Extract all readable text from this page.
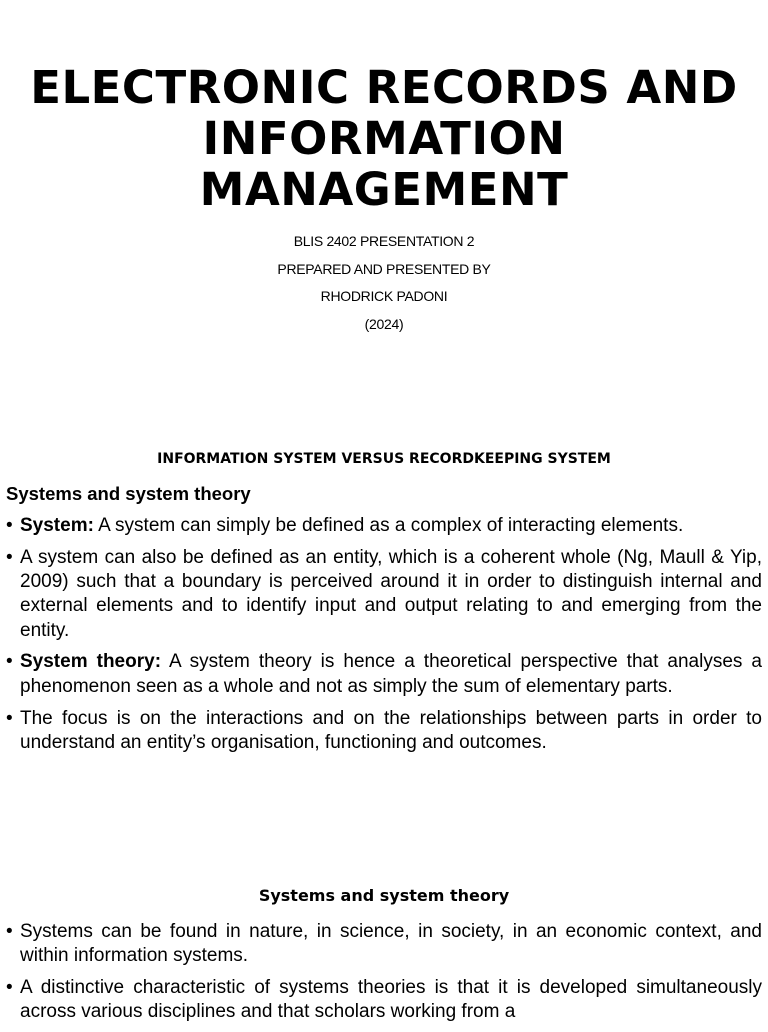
ELECTRONIC RECORDS AND
INFORMATION
MANAGEMENT
BLIS 2402 PRESENTATION 2
PREPARED AND PRESENTED BY
RHODRICK PADONI
(2024)
INFORMATION SYSTEM VERSUS RECORDKEEPING SYSTEM
Systems and system theory
• System: A system can simply be defined as a complex of interacting elements.
• A system can also be defined as an entity, which is a coherent whole (Ng, Maull & Yip, 2009) such that a boundary is perceived around it in order to distinguish internal and external elements and to identify input and output relating to and emerging from the entity.
• System theory: A system theory is hence a theoretical perspective that analyses a phenomenon seen as a whole and not as simply the sum of elementary parts.
• The focus is on the interactions and on the relationships between parts in order to understand an entity’s organisation, functioning and outcomes.
Systems and system theory
• Systems can be found in nature, in science, in society, in an economic context, and within information systems.
• A distinctive characteristic of systems theories is that it is developed simultaneously across various disciplines and that scholars working from a
